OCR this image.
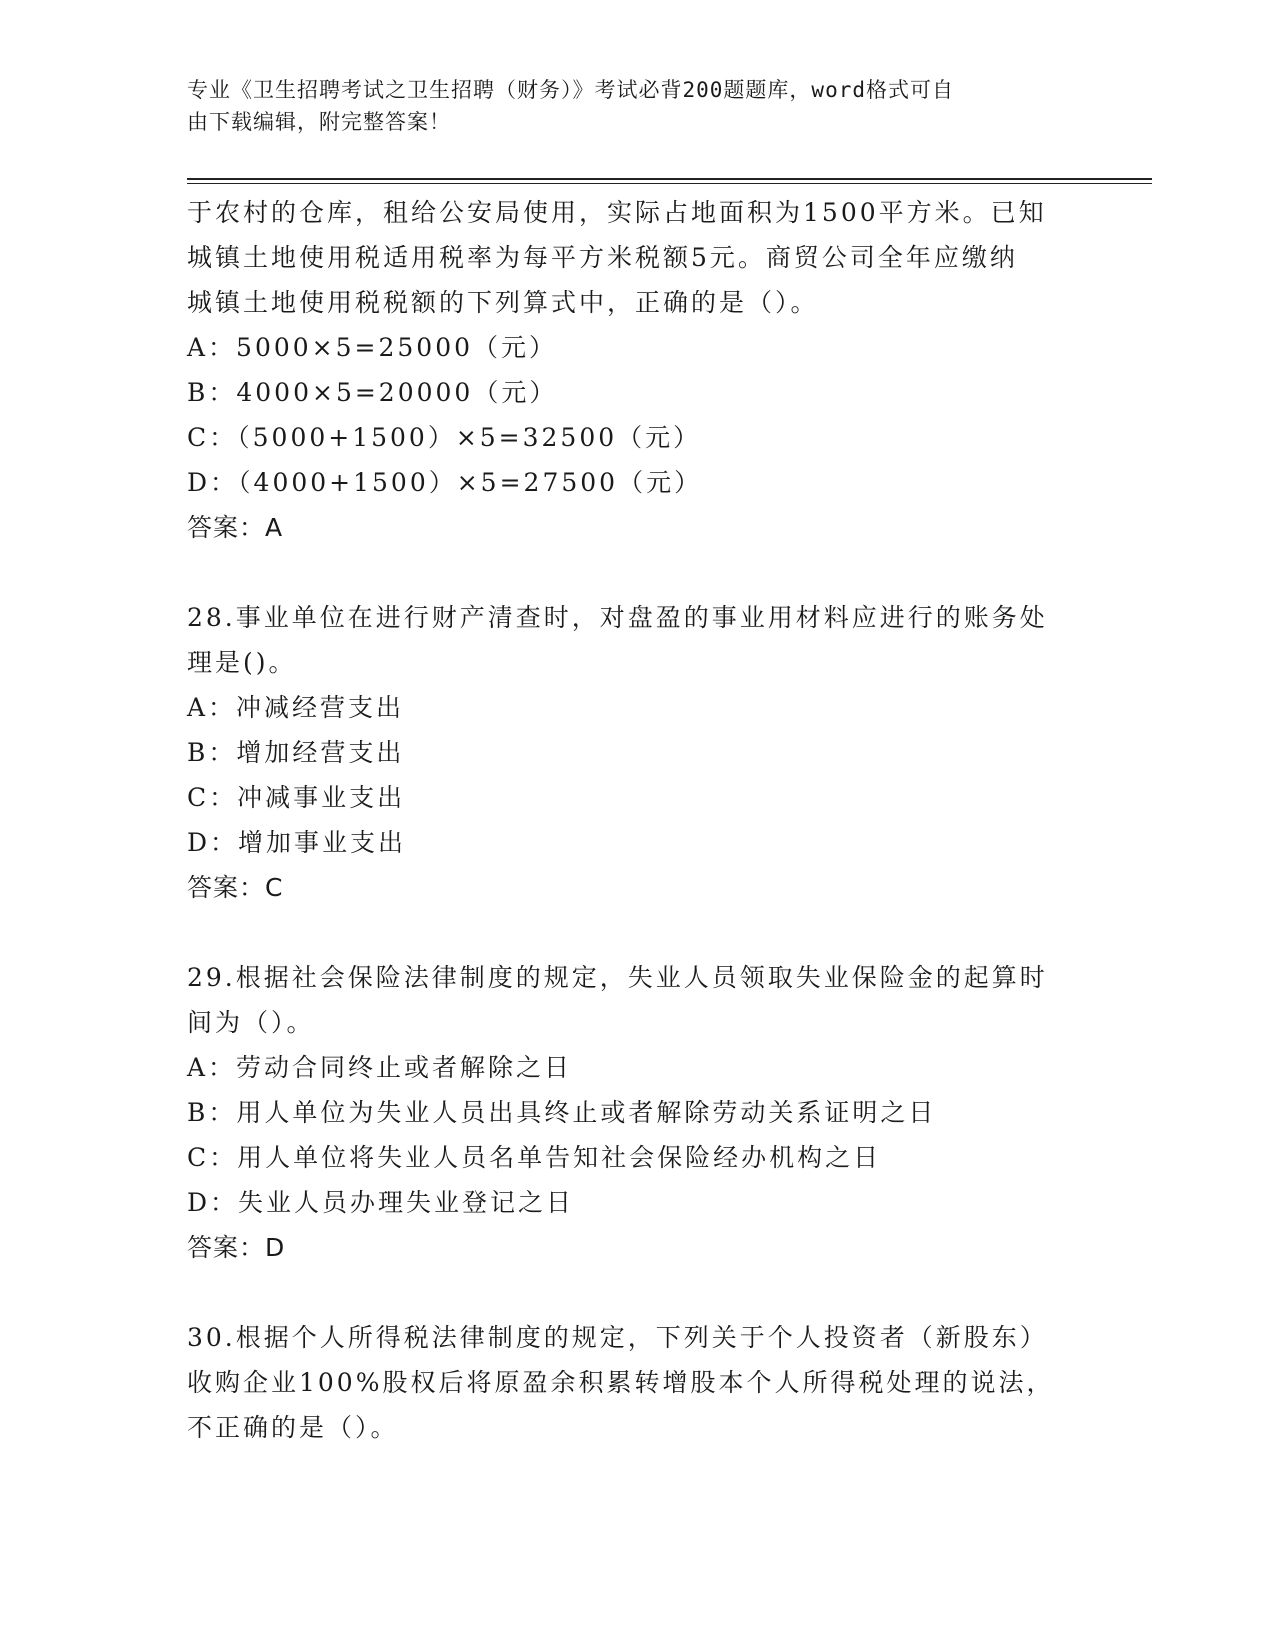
专业《卫生招聘考试之卫生招聘（财务）》考试必背200题题库，word格式可自
由下载编辑，附完整答案！
于农村的仓库，租给公安局使用，实际占地面积为1500平方米。已知
城镇土地使用税适用税率为每平方米税额5元。商贸公司全年应缴纳
城镇土地使用税税额的下列算式中，正确的是（）。
A：5000×5=25000（元）
B：4000×5=20000（元）
C：（5000+1500）×5=32500（元）
D：（4000+1500）×5=27500（元）
答案：A
28.事业单位在进行财产清查时，对盘盈的事业用材料应进行的账务处
理是()。
A：冲减经营支出
B：增加经营支出
C：冲减事业支出
D：增加事业支出
答案：C
29.根据社会保险法律制度的规定，失业人员领取失业保险金的起算时
间为（）。
A：劳动合同终止或者解除之日
B：用人单位为失业人员出具终止或者解除劳动关系证明之日
C：用人单位将失业人员名单告知社会保险经办机构之日
D：失业人员办理失业登记之日
答案：D
30.根据个人所得税法律制度的规定，下列关于个人投资者（新股东）
收购企业100%股权后将原盈余积累转增股本个人所得税处理的说法，
不正确的是（）。
